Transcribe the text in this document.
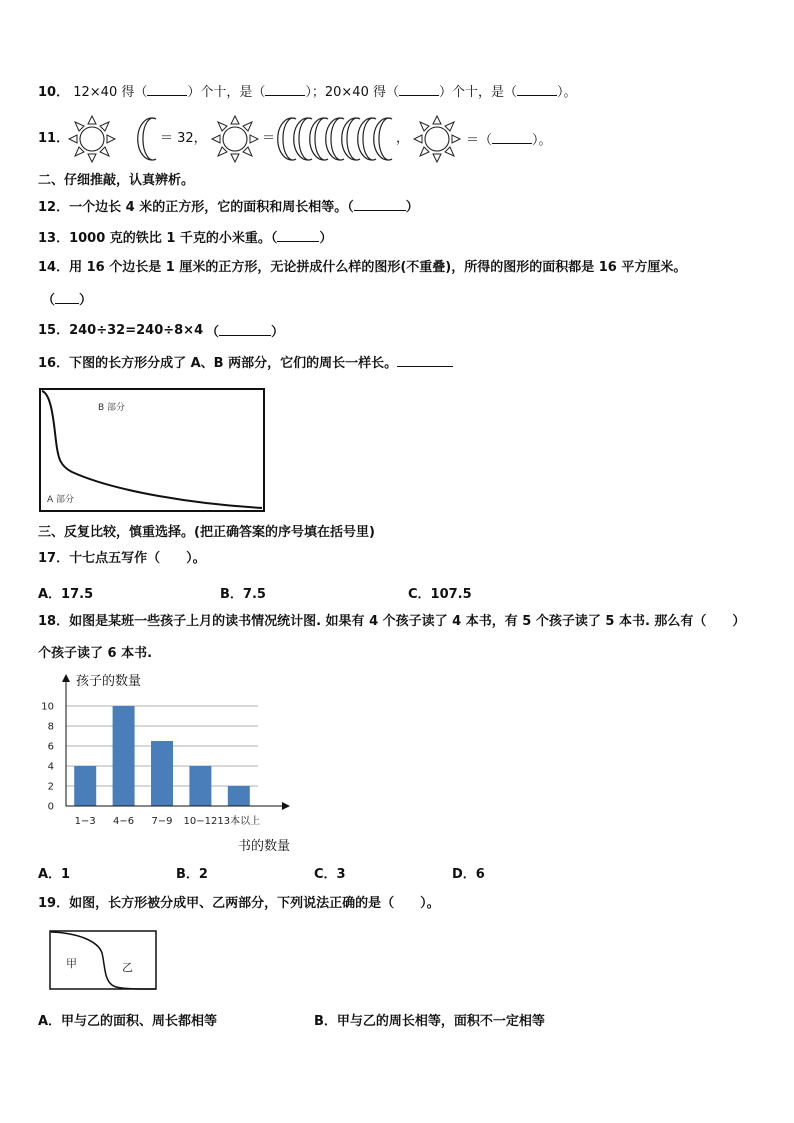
10． 12×40 得（	）个十，是（	）；20×40 得（	）个十，是（	）。
11．	＝ 32，	＝	，	＝（	）。
二、仔细推敲，认真辨析。
12．一个边长 4 米的正方形，它的面积和周长相等。（	）
13．1000 克的铁比 1 千克的小米重。（	）
14．用 16 个边长是 1 厘米的正方形，无论拼成什么样的图形(不重叠)，所得的图形的面积都是 16 平方厘米。
（ ）
15．240÷32=240÷8×4 （	）
16．下图的长方形分成了 A、B 两部分，它们的周长一样长。
B 部分
A 部分
三、反复比较，慎重选择。(把正确答案的序号填在括号里)
17．十七点五写作（　　）。
A．17.5	B．7.5	C．107.5
18．如图是某班一些孩子上月的读书情况统计图. 如果有 4 个孩子读了 4 本书，有 5 个孩子读了 5 本书. 那么有（　　）
个孩子读了 6 本书.
0
2
4
6
8
10
1−3 4−6 7−9 10−12 13本以上
孩子的数量
书的数量
A．1	B．2	C．3	D．6
19．如图，长方形被分成甲、乙两部分，下列说法正确的是（　　）。
甲	乙
A．甲与乙的面积、周长都相等	B．甲与乙的周长相等，面积不一定相等
